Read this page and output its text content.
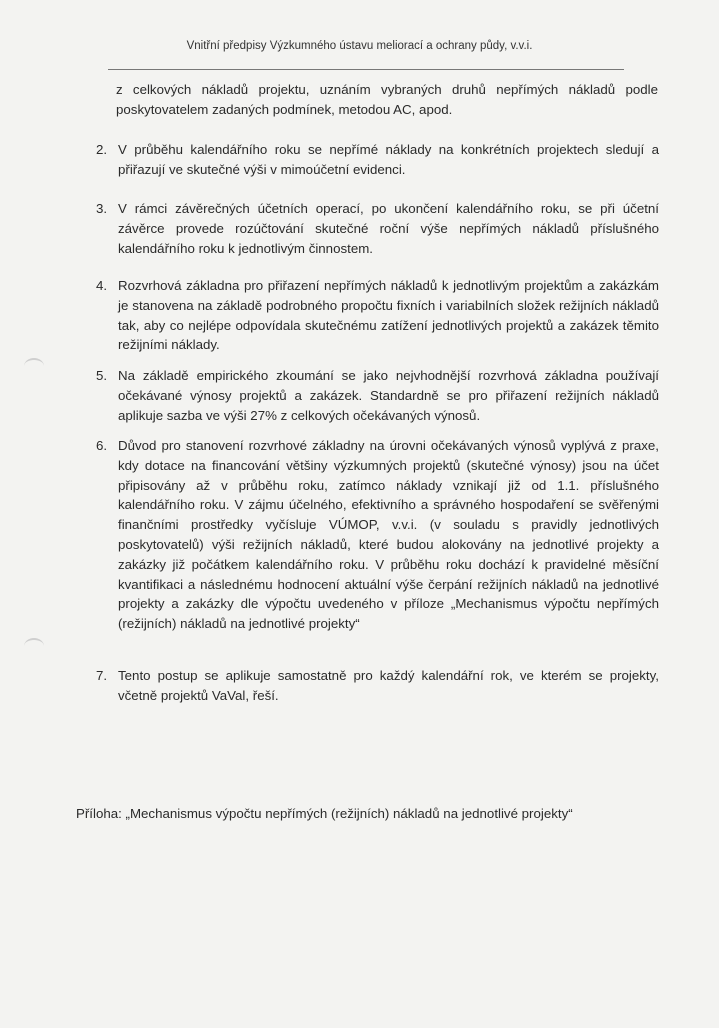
Vnitřní předpisy Výzkumného ústavu meliorací a ochrany půdy, v.v.i.
z celkových nákladů projektu, uznáním vybraných druhů nepřímých nákladů podle poskytovatelem zadaných podmínek, metodou AC, apod.
2. V průběhu kalendářního roku se nepřímé náklady na konkrétních projektech sledují a přiřazují ve skutečné výši v mimoúčetní evidenci.
3. V rámci závěrečných účetních operací, po ukončení kalendářního roku, se při účetní závěrce provede rozúčtování skutečné roční výše nepřímých nákladů příslušného kalendářního roku k jednotlivým činnostem.
4. Rozvrhová základna pro přiřazení nepřímých nákladů k jednotlivým projektům a zakázkám je stanovena na základě podrobného propočtu fixních i variabilních složek režijních nákladů tak, aby co nejlépe odpovídala skutečnému zatížení jednotlivých projektů a zakázek těmito režijními náklady.
5. Na základě empirického zkoumání se jako nejvhodnější rozvrhová základna používají očekávané výnosy projektů a zakázek. Standardně se pro přiřazení režijních nákladů aplikuje sazba ve výši 27% z celkových očekávaných výnosů.
6. Důvod pro stanovení rozvrhové základny na úrovni očekávaných výnosů vyplývá z praxe, kdy dotace na financování většiny výzkumných projektů (skutečné výnosy) jsou na účet připisovány až v průběhu roku, zatímco náklady vznikají již od 1.1. příslušného kalendářního roku. V zájmu účelného, efektivního a správného hospodaření se svěřenými finančními prostředky vyčísluje VÚMOP, v.v.i. (v souladu s pravidly jednotlivých poskytovatelů) výši režijních nákladů, které budou alokovány na jednotlivé projekty a zakázky již počátkem kalendářního roku. V průběhu roku dochází k pravidelné měsíční kvantifikaci a následnému hodnocení aktuální výše čerpání režijních nákladů na jednotlivé projekty a zakázky dle výpočtu uvedeného v příloze „Mechanismus výpočtu nepřímých (režijních) nákladů na jednotlivé projekty“
7. Tento postup se aplikuje samostatně pro každý kalendářní rok, ve kterém se projekty, včetně projektů VaVal, řeší.
Příloha: „Mechanismus výpočtu nepřímých (režijních) nákladů na jednotlivé projekty“
